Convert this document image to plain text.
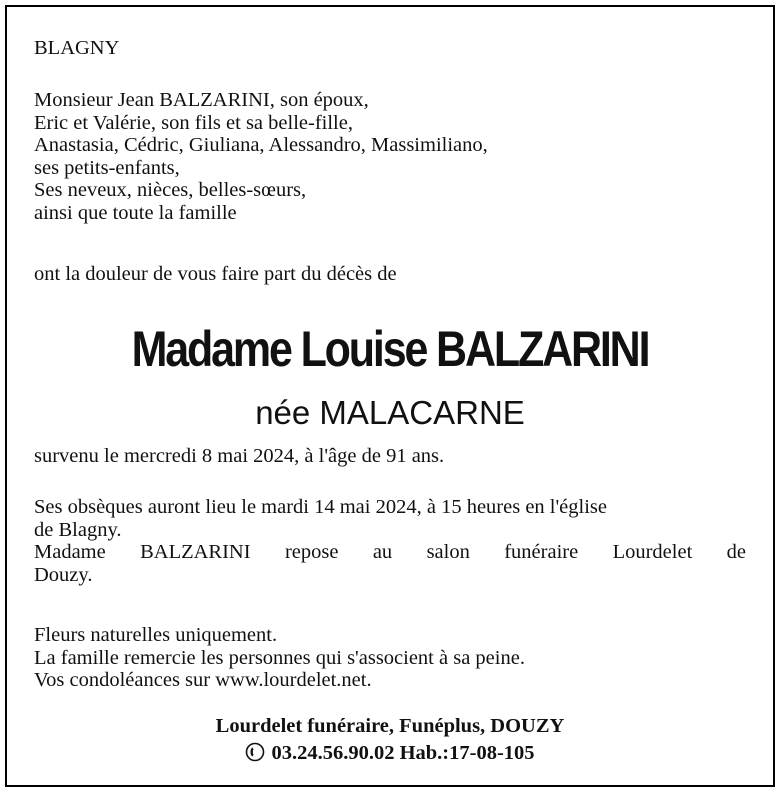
BLAGNY
Monsieur Jean BALZARINI, son époux,
Eric et Valérie, son fils et sa belle-fille,
Anastasia, Cédric, Giuliana, Alessandro, Massimiliano,
ses petits-enfants,
Ses neveux, nièces, belles-sœurs,
ainsi que toute la famille
ont la douleur de vous faire part du décès de
Madame Louise BALZARINI
née MALACARNE
survenu le mercredi 8 mai 2024, à l'âge de 91 ans.
Ses obsèques auront lieu le mardi 14 mai 2024, à 15 heures en l'église
de Blagny.
Madame BALZARINI repose au salon funéraire Lourdelet de
Douzy.
Fleurs naturelles uniquement.
La famille remercie les personnes qui s'associent à sa peine.
Vos condoléances sur www.lourdelet.net.
Lourdelet funéraire, Funéplus, DOUZY
03.24.56.90.02 Hab.:17-08-105
